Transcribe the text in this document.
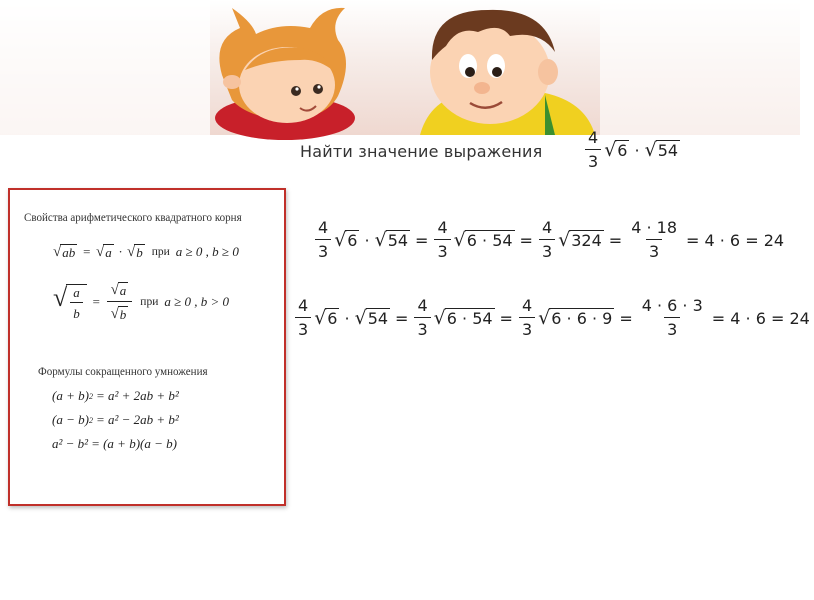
Найти значение выражения	$\frac{4}{3}$ √ 6 · √ 54
$\frac{4}{3}$ √ 6 · √ $54 = \frac{4}{3}$ √ $6 \cdot 54 = \frac{4}{3}$ √ $324 = \frac{4 \cdot 18}{3} = 4 \cdot 6 = 24$
$\frac{4}{3}$ √ 6 · √ $54 = \frac{4}{3}$ √ $6 \cdot 54 = \frac{4}{3}$ √ $6 \cdot 6 \cdot 9 = \frac{4 \cdot 6 \cdot 3}{3} = 4 \cdot 6 = 24$
Свойства арифметического квадратного корня
√ ab = √ a · √ b при a ≥ 0 , b ≥ 0
√ $\frac{a}{b} = \frac{√ a}{√ b}$ при a ≥ 0 , b > 0
Формулы сокращенного умножения
(a + b) 2 = a² + 2ab + b²
(a − b) 2 = a² − 2ab + b²
a² − b² = (a + b)(a − b)
